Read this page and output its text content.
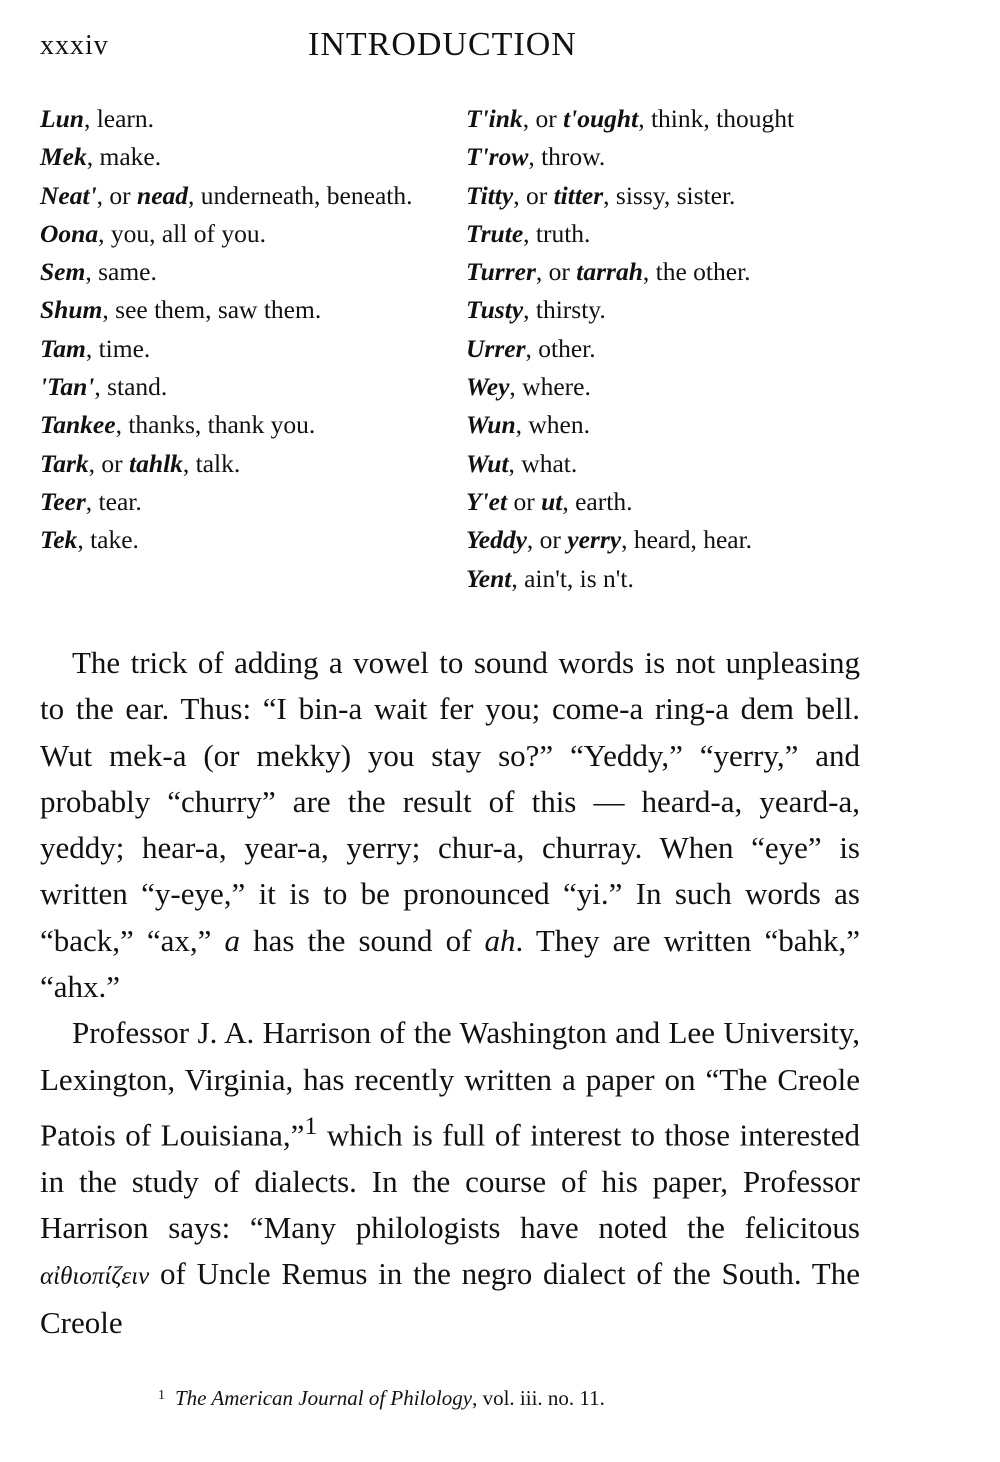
xxxiv	INTRODUCTION
Lun, learn.
Mek, make.
Neat', or nead, underneath, beneath.
Oona, you, all of you.
Sem, same.
Shum, see them, saw them.
Tam, time.
'Tan', stand.
Tankee, thanks, thank you.
Tark, or tahlk, talk.
Teer, tear.
Tek, take.
T'ink, or t'ought, think, thought
T'row, throw.
Titty, or titter, sissy, sister.
Trute, truth.
Turrer, or tarrah, the other.
Tusty, thirsty.
Urrer, other.
Wey, where.
Wun, when.
Wut, what.
Y'et or ut, earth.
Yeddy, or yerry, heard, hear.
Yent, ain't, is n't.

The trick of adding a vowel to sound words is not unpleasing to the ear. Thus: “I bin-a wait fer you; come-a ring-a dem bell. Wut mek-a (or mekky) you stay so?” “Yeddy,” “yerry,” and probably “churry” are the result of this — heard-a, yeard-a, yeddy; hear-a, year-a, yerry; chur-a, churray. When “eye” is written “y-eye,” it is to be pronounced “yi.” In such words as “back,” “ax,” a has the sound of ah. They are written “bahk,” “ahx.”

Professor J. A. Harrison of the Washington and Lee University, Lexington, Virginia, has recently written a paper on “The Creole Patois of Louisiana,”$^1$ which is full of interest to those interested in the study of dialects. In the course of his paper, Professor Harrison says: “Many philologists have noted the felicitous αἰθιοπίζειν of Uncle Remus in the negro dialect of the South. The Creole

$^1$ The American Journal of Philology, vol. iii. no. 11.
